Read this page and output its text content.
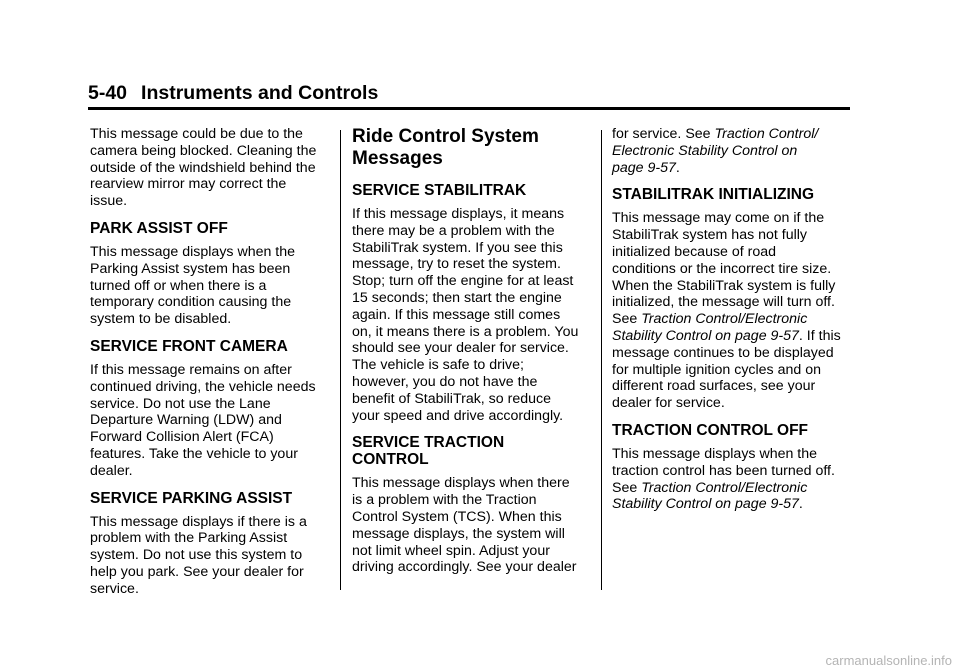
5-40 Instruments and Controls

This message could be due to the
camera being blocked. Cleaning the
outside of the windshield behind the
rearview mirror may correct the
issue.

PARK ASSIST OFF

This message displays when the
Parking Assist system has been
turned off or when there is a
temporary condition causing the
system to be disabled.

SERVICE FRONT CAMERA

If this message remains on after
continued driving, the vehicle needs
service. Do not use the Lane
Departure Warning (LDW) and
Forward Collision Alert (FCA)
features. Take the vehicle to your
dealer.

SERVICE PARKING ASSIST

This message displays if there is a
problem with the Parking Assist
system. Do not use this system to
help you park. See your dealer for
service.

Ride Control System
Messages
SERVICE STABILITRAK

If this message displays, it means
there may be a problem with the
StabiliTrak system. If you see this
message, try to reset the system.
Stop; turn off the engine for at least
15 seconds; then start the engine
again. If this message still comes
on, it means there is a problem. You
should see your dealer for service.
The vehicle is safe to drive;
however, you do not have the
benefit of StabiliTrak, so reduce
your speed and drive accordingly.

SERVICE TRACTION
CONTROL

This message displays when there
is a problem with the Traction
Control System (TCS). When this
message displays, the system will
not limit wheel spin. Adjust your
driving accordingly. See your dealer

for service. See Traction Control/
Electronic Stability Control on
page 9-57.

STABILITRAK INITIALIZING

This message may come on if the
StabiliTrak system has not fully
initialized because of road
conditions or the incorrect tire size.
When the StabiliTrak system is fully
initialized, the message will turn off.
See Traction Control/Electronic
Stability Control on page 9-57. If this
message continues to be displayed
for multiple ignition cycles and on
different road surfaces, see your
dealer for service.

TRACTION CONTROL OFF

This message displays when the
traction control has been turned off.
See Traction Control/Electronic
Stability Control on page 9-57.

carmanualsonline.info
